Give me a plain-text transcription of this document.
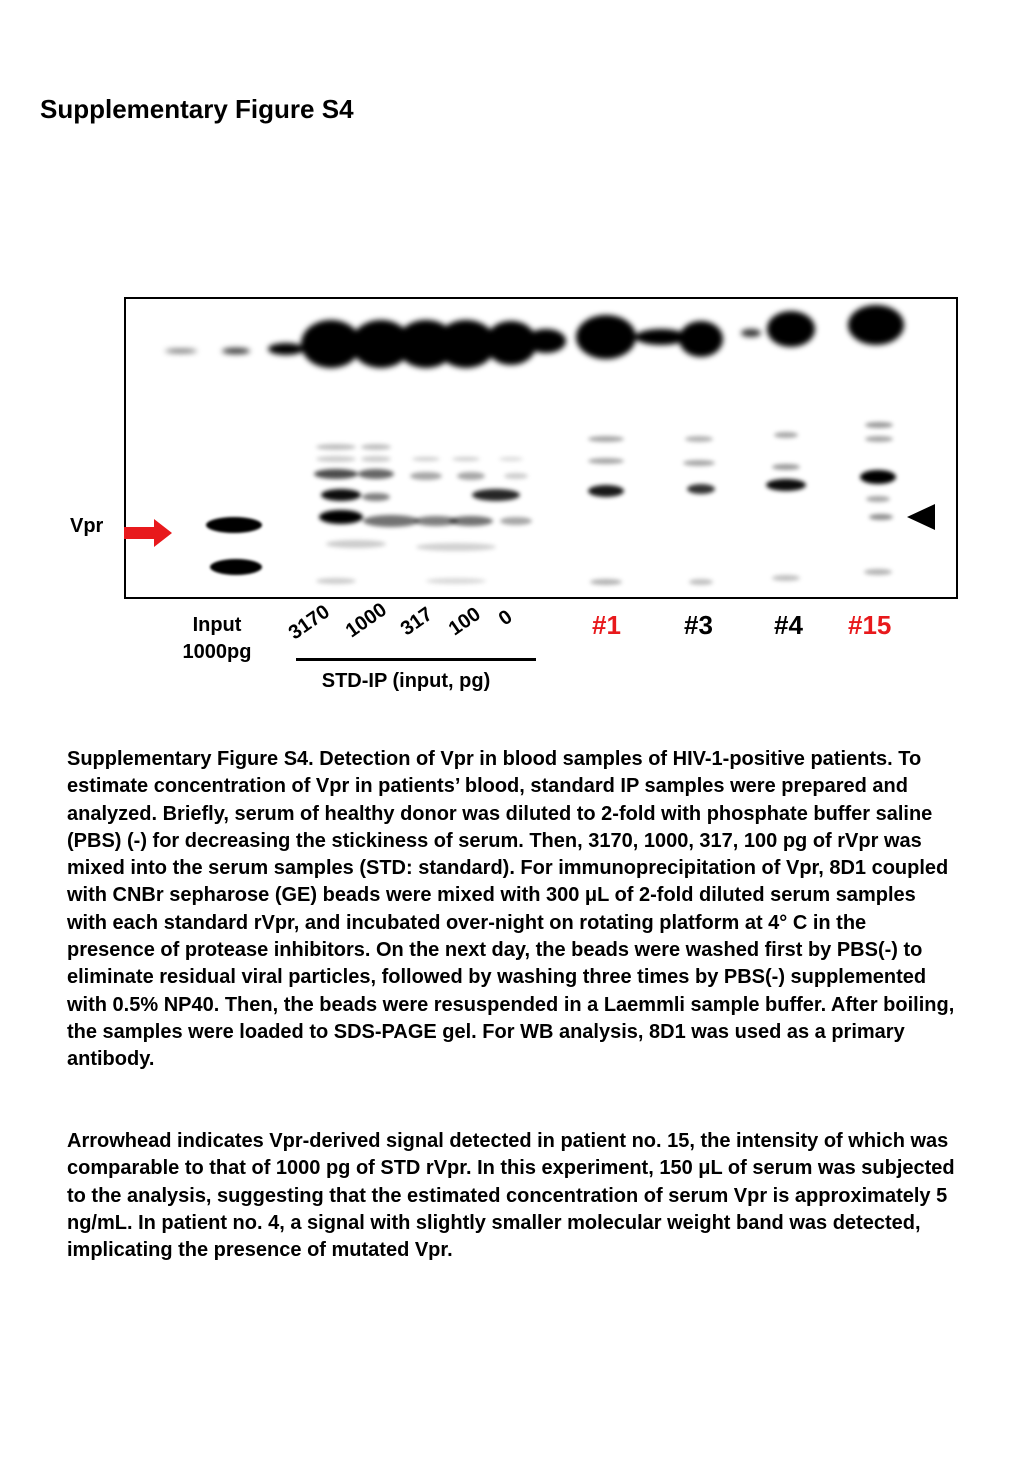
Supplementary Figure S4
Vpr
Input
1000pg
3170 1000 317 100 0
STD-IP (input, pg)
#1 #3 #4 #15

Supplementary Figure S4. Detection of Vpr in blood samples of HIV-1-positive patients. To estimate concentration of Vpr in patients’ blood, standard IP samples were prepared and analyzed. Briefly, serum of healthy donor was diluted to 2-fold with phosphate buffer saline (PBS) (-) for decreasing the stickiness of serum. Then, 3170, 1000, 317, 100 pg of rVpr was mixed into the serum samples (STD: standard). For immunoprecipitation of Vpr, 8D1 coupled with CNBr sepharose (GE) beads were mixed with 300 μL of 2-fold diluted serum samples with each standard rVpr, and incubated over-night on rotating platform at 4° C in the presence of protease inhibitors. On the next day, the beads were washed first by PBS(-) to eliminate residual viral particles, followed by washing three times by PBS(-) supplemented with 0.5% NP40. Then, the beads were resuspended in a Laemmli sample buffer. After boiling, the samples were loaded to SDS-PAGE gel. For WB analysis, 8D1 was used as a primary antibody.

Arrowhead indicates Vpr-derived signal detected in patient no. 15, the intensity of which was comparable to that of 1000 pg of STD rVpr. In this experiment, 150 μL of serum was subjected to the analysis, suggesting that the estimated concentration of serum Vpr is approximately 5 ng/mL. In patient no. 4, a signal with slightly smaller molecular weight band was detected, implicating the presence of mutated Vpr.
